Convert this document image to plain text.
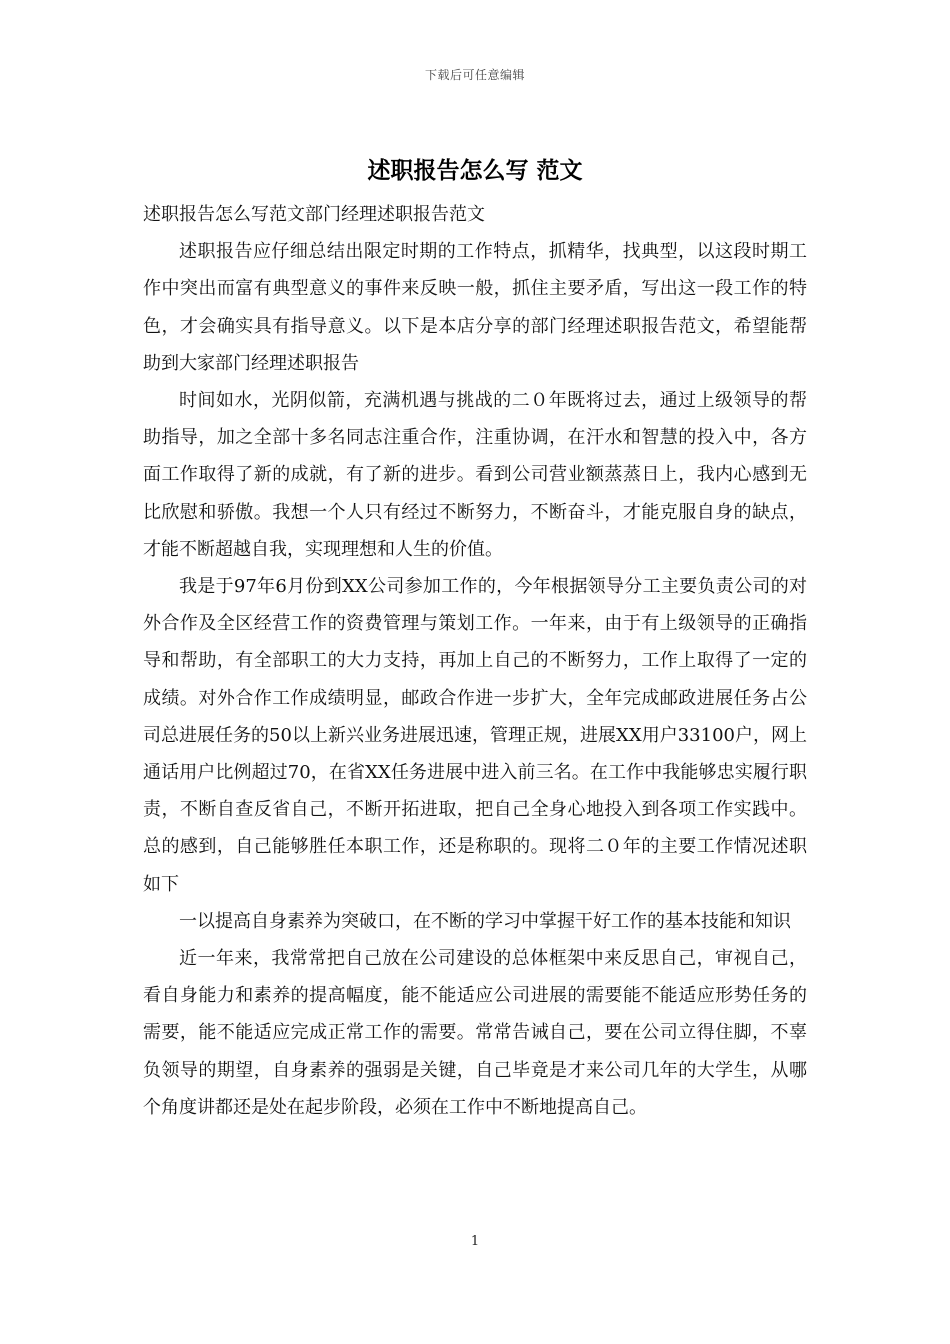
下载后可任意编辑
述职报告怎么写 范文

述职报告怎么写范文部门经理述职报告范文

述职报告应仔细总结出限定时期的工作特点，抓精华，找典型，以这段时期工作中突出而富有典型意义的事件来反映一般，抓住主要矛盾，写出这一段工作的特色，才会确实具有指导意义。以下是本店分享的部门经理述职报告范文，希望能帮助到大家部门经理述职报告

时间如水，光阴似箭，充满机遇与挑战的二０年既将过去，通过上级领导的帮助指导，加之全部十多名同志注重合作，注重协调，在汗水和智慧的投入中，各方面工作取得了新的成就，有了新的进步。看到公司营业额蒸蒸日上，我内心感到无比欣慰和骄傲。我想一个人只有经过不断努力，不断奋斗，才能克服自身的缺点，才能不断超越自我，实现理想和人生的价值。

我是于97年6月份到XX公司参加工作的，今年根据领导分工主要负责公司的对外合作及全区经营工作的资费管理与策划工作。一年来，由于有上级领导的正确指导和帮助，有全部职工的大力支持，再加上自己的不断努力，工作上取得了一定的成绩。对外合作工作成绩明显，邮政合作进一步扩大，全年完成邮政进展任务占公司总进展任务的50以上新兴业务进展迅速，管理正规，进展XX用户33100户，网上通话用户比例超过70，在省XX任务进展中进入前三名。在工作中我能够忠实履行职责，不断自查反省自己，不断开拓进取，把自己全身心地投入到各项工作实践中。总的感到，自己能够胜任本职工作，还是称职的。现将二０年的主要工作情况述职如下

一以提高自身素养为突破口，在不断的学习中掌握干好工作的基本技能和知识

近一年来，我常常把自己放在公司建设的总体框架中来反思自己，审视自己，看自身能力和素养的提高幅度，能不能适应公司进展的需要能不能适应形势任务的需要，能不能适应完成正常工作的需要。常常告诫自己，要在公司立得住脚，不辜负领导的期望，自身素养的强弱是关键，自己毕竟是才来公司几年的大学生，从哪个角度讲都还是处在起步阶段，必须在工作中不断地提高自己。

1
